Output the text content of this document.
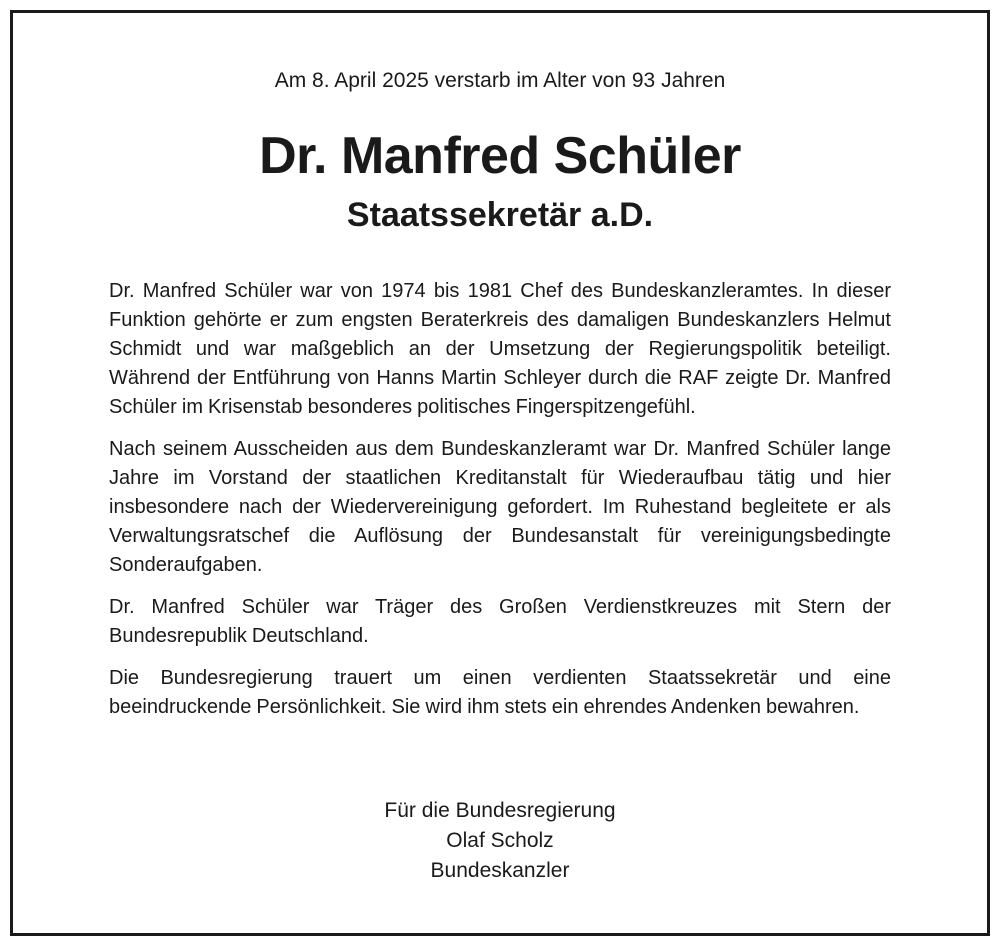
Am 8. April 2025 verstarb im Alter von 93 Jahren
Dr. Manfred Schüler
Staatssekretär a.D.

Dr. Manfred Schüler war von 1974 bis 1981 Chef des Bundeskanzleramtes. In dieser Funktion gehörte er zum engsten Beraterkreis des damaligen Bundeskanzlers Helmut Schmidt und war maßgeblich an der Umsetzung der Regierungspolitik beteiligt. Während der Entführung von Hanns Martin Schleyer durch die RAF zeigte Dr. Manfred Schüler im Krisenstab besonderes politisches Fingerspitzengefühl.

Nach seinem Ausscheiden aus dem Bundeskanzleramt war Dr. Manfred Schüler lange Jahre im Vorstand der staatlichen Kreditanstalt für Wiederaufbau tätig und hier insbesondere nach der Wiedervereinigung gefordert. Im Ruhestand begleitete er als Verwaltungsratschef die Auflösung der Bundesanstalt für vereinigungsbedingte Sonderaufgaben.

Dr. Manfred Schüler war Träger des Großen Verdienstkreuzes mit Stern der Bundesrepublik Deutschland.

Die Bundesregierung trauert um einen verdienten Staatssekretär und eine beeindruckende Persönlichkeit. Sie wird ihm stets ein ehrendes Andenken bewahren.

Für die Bundesregierung
Olaf Scholz
Bundeskanzler
